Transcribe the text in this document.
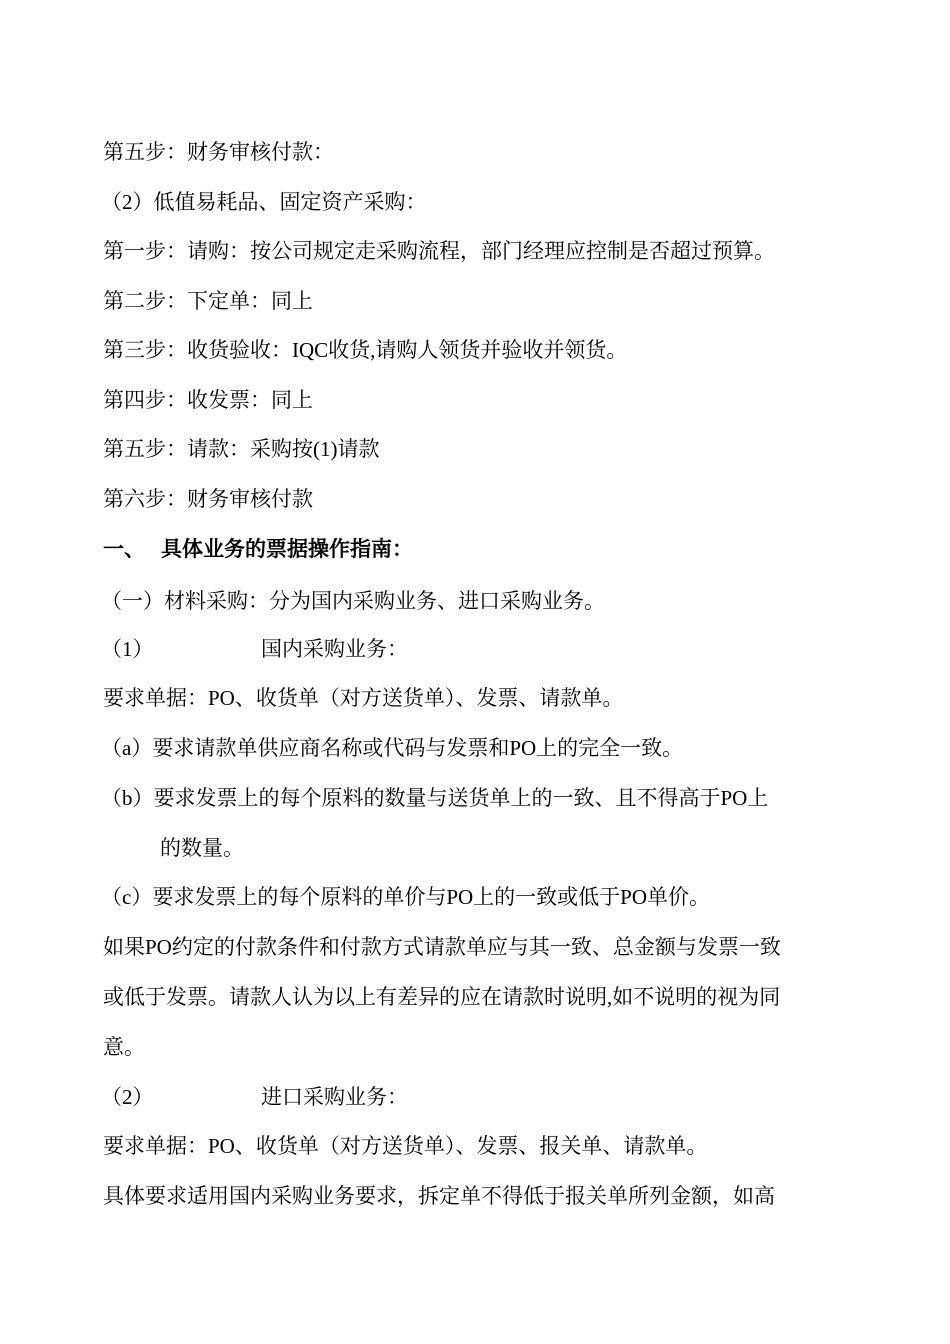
第五步：财务审核付款：
（2）低值易耗品、固定资产采购：
第一步：请购：按公司规定走采购流程，部门经理应控制是否超过预算。
第二步：下定单：同上
第三步：收货验收：IQC收货,请购人领货并验收并领货。
第四步：收发票：同上
第五步：请款：采购按(1)请款
第六步：财务审核付款
一、 具体业务的票据操作指南：
（一）材料采购：分为国内采购业务、进口采购业务。
（1）	国内采购业务：
要求单据：PO、收货单（对方送货单）、发票、请款单。
（a）要求请款单供应商名称或代码与发票和PO上的完全一致。
（b）要求发票上的每个原料的数量与送货单上的一致、且不得高于PO上
的数量。
（c）要求发票上的每个原料的单价与PO上的一致或低于PO单价。
如果PO约定的付款条件和付款方式请款单应与其一致、总金额与发票一致
或低于发票。请款人认为以上有差异的应在请款时说明,如不说明的视为同
意。
（2）	进口采购业务：
要求单据：PO、收货单（对方送货单）、发票、报关单、请款单。
具体要求适用国内采购业务要求，拆定单不得低于报关单所列金额，如高
